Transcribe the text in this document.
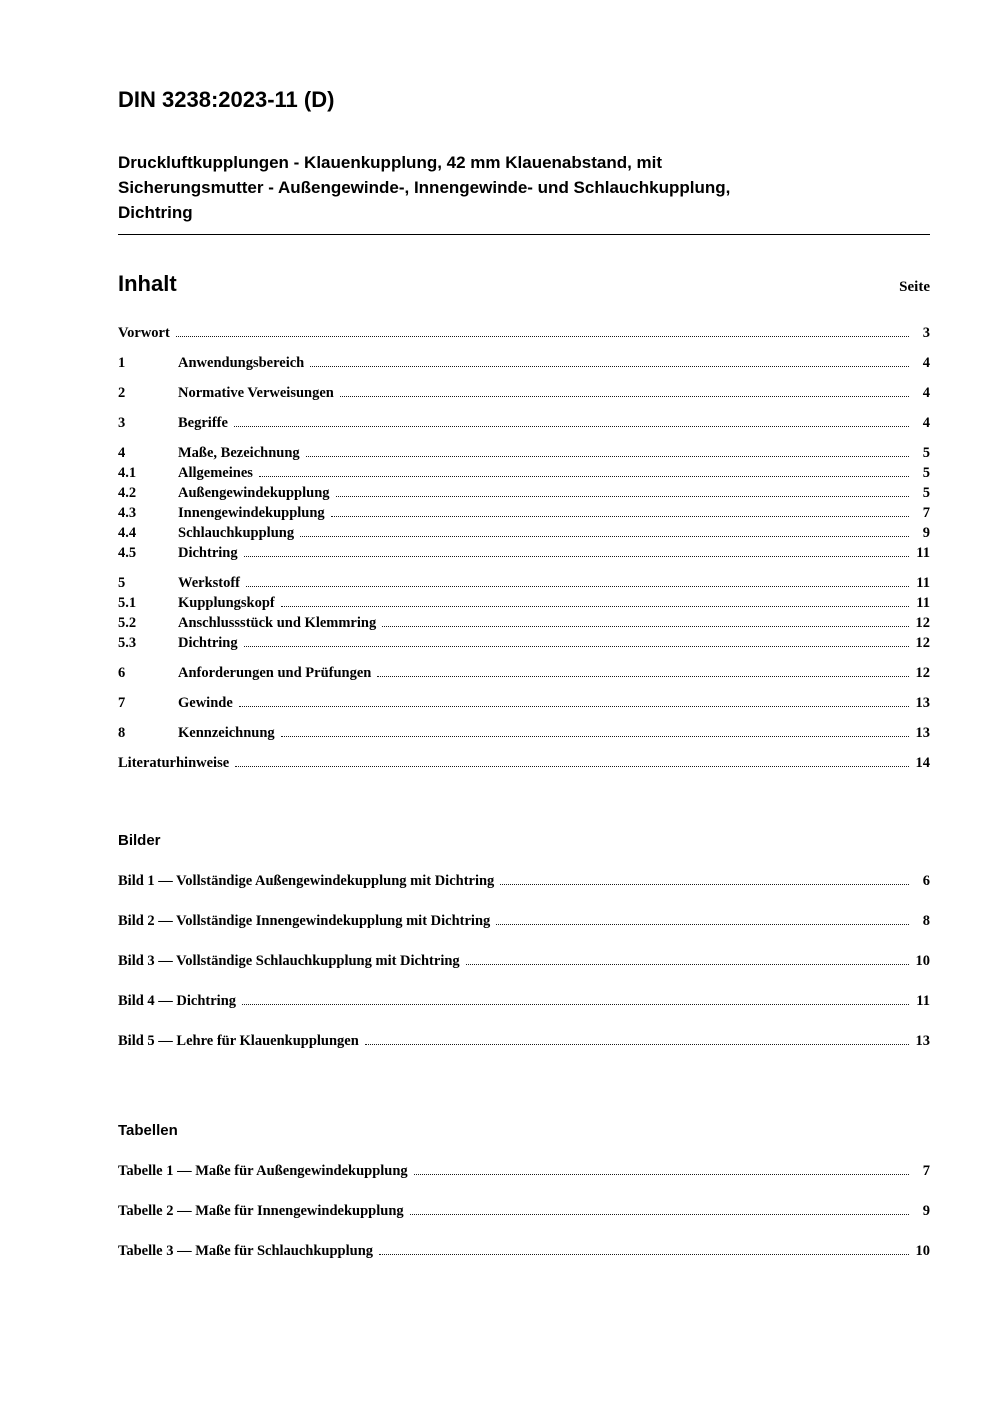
DIN 3238:2023-11 (D)
Druckluftkupplungen - Klauenkupplung, 42 mm Klauenabstand, mit
Sicherungsmutter - Außengewinde-, Innengewinde- und Schlauchkupplung,
Dichtring
Inhalt	Seite
Vorwort	3
1	Anwendungsbereich	4
2	Normative Verweisungen	4
3	Begriffe	4
4	Maße, Bezeichnung	5
4.1	Allgemeines	5
4.2	Außengewindekupplung	5
4.3	Innengewindekupplung	7
4.4	Schlauchkupplung	9
4.5	Dichtring	11
5	Werkstoff	11
5.1	Kupplungskopf	11
5.2	Anschlussstück und Klemmring	12
5.3	Dichtring	12
6	Anforderungen und Prüfungen	12
7	Gewinde	13
8	Kennzeichnung	13
Literaturhinweise	14
Bilder
Bild 1 — Vollständige Außengewindekupplung mit Dichtring	6
Bild 2 — Vollständige Innengewindekupplung mit Dichtring	8
Bild 3 — Vollständige Schlauchkupplung mit Dichtring	10
Bild 4 — Dichtring	11
Bild 5 — Lehre für Klauenkupplungen	13
Tabellen
Tabelle 1 — Maße für Außengewindekupplung	7
Tabelle 2 — Maße für Innengewindekupplung	9
Tabelle 3 — Maße für Schlauchkupplung	10
